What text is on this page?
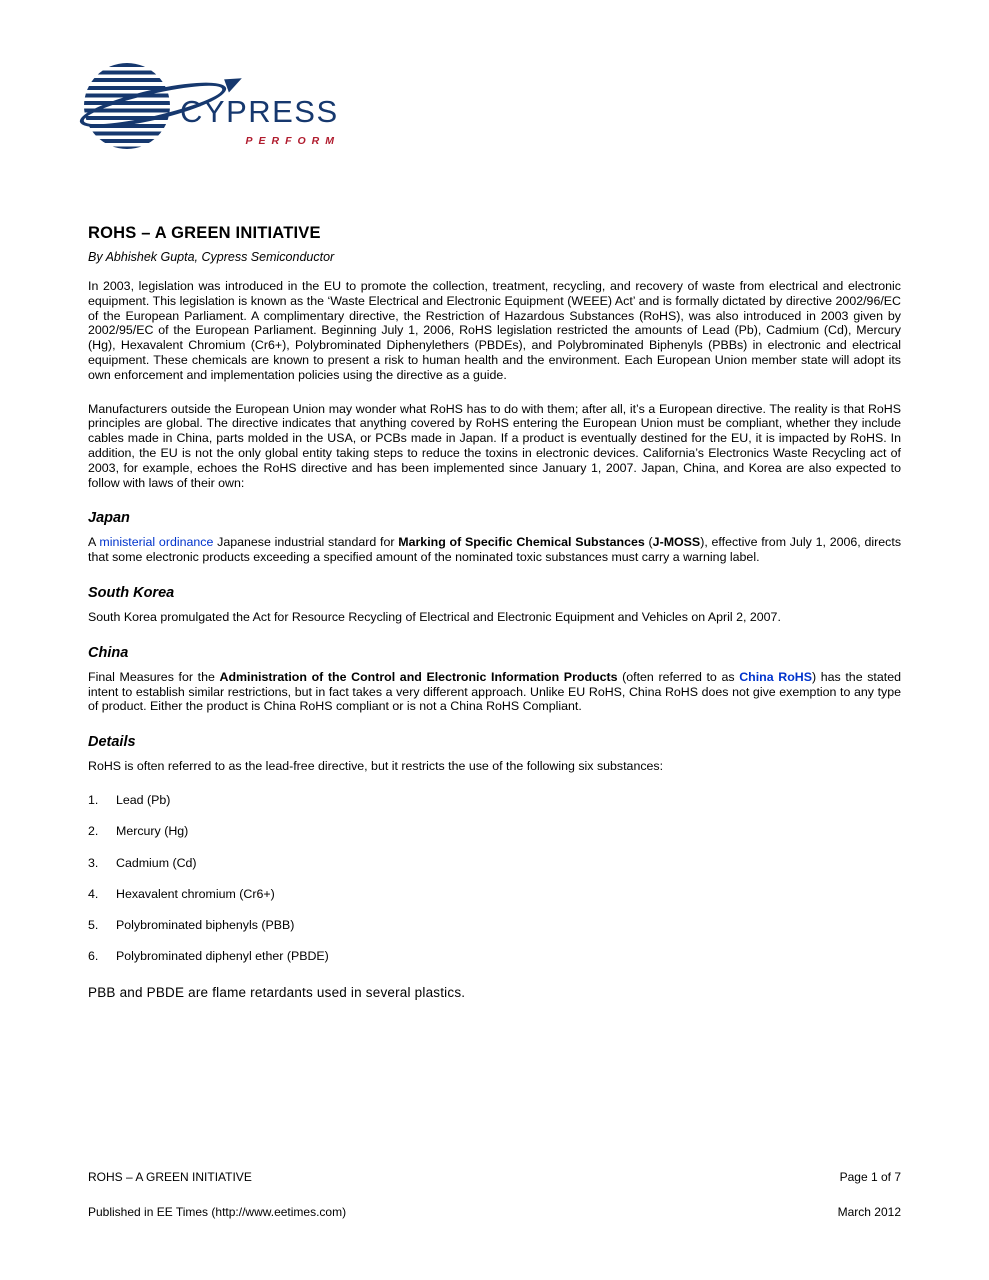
CYPRESS
PERFORM
ROHS – A GREEN INITIATIVE

By Abhishek Gupta, Cypress Semiconductor

In 2003, legislation was introduced in the EU to promote the collection, treatment, recycling, and recovery of waste from electrical and electronic equipment. This legislation is known as the ‘Waste Electrical and Electronic Equipment (WEEE) Act’ and is formally dictated by directive 2002/96/EC of the European Parliament. A complimentary directive, the Restriction of Hazardous Substances (RoHS), was also introduced in 2003 given by 2002/95/EC of the European Parliament. Beginning July 1, 2006, RoHS legislation restricted the amounts of Lead (Pb), Cadmium (Cd), Mercury (Hg), Hexavalent Chromium (Cr6+), Polybrominated Diphenylethers (PBDEs), and Polybrominated Biphenyls (PBBs) in electronic and electrical equipment. These chemicals are known to present a risk to human health and the environment. Each European Union member state will adopt its own enforcement and implementation policies using the directive as a guide.

Manufacturers outside the European Union may wonder what RoHS has to do with them; after all, it’s a European directive. The reality is that RoHS principles are global. The directive indicates that anything covered by RoHS entering the European Union must be compliant, whether they include cables made in China, parts molded in the USA, or PCBs made in Japan. If a product is eventually destined for the EU, it is impacted by RoHS. In addition, the EU is not the only global entity taking steps to reduce the toxins in electronic devices. California’s Electronics Waste Recycling act of 2003, for example, echoes the RoHS directive and has been implemented since January 1, 2007. Japan, China, and Korea are also expected to follow with laws of their own:

Japan

A ministerial ordinance Japanese industrial standard for Marking of Specific Chemical Substances (J-MOSS), effective from July 1, 2006, directs that some electronic products exceeding a specified amount of the nominated toxic substances must carry a warning label.

South Korea

South Korea promulgated the Act for Resource Recycling of Electrical and Electronic Equipment and Vehicles on April 2, 2007.

China

Final Measures for the Administration of the Control and Electronic Information Products (often referred to as China RoHS) has the stated intent to establish similar restrictions, but in fact takes a very different approach. Unlike EU RoHS, China RoHS does not give exemption to any type of product. Either the product is China RoHS compliant or is not a China RoHS Compliant.

Details

RoHS is often referred to as the lead-free directive, but it restricts the use of the following six substances:

1. Lead (Pb)
2. Mercury (Hg)
3. Cadmium (Cd)
4. Hexavalent chromium (Cr6+)
5. Polybrominated biphenyls (PBB)
6. Polybrominated diphenyl ether (PBDE)

PBB and PBDE are flame retardants used in several plastics.

ROHS – A GREEN INITIATIVE
Published in EE Times (http://www.eetimes.com)
Page 1 of 7
March 2012
